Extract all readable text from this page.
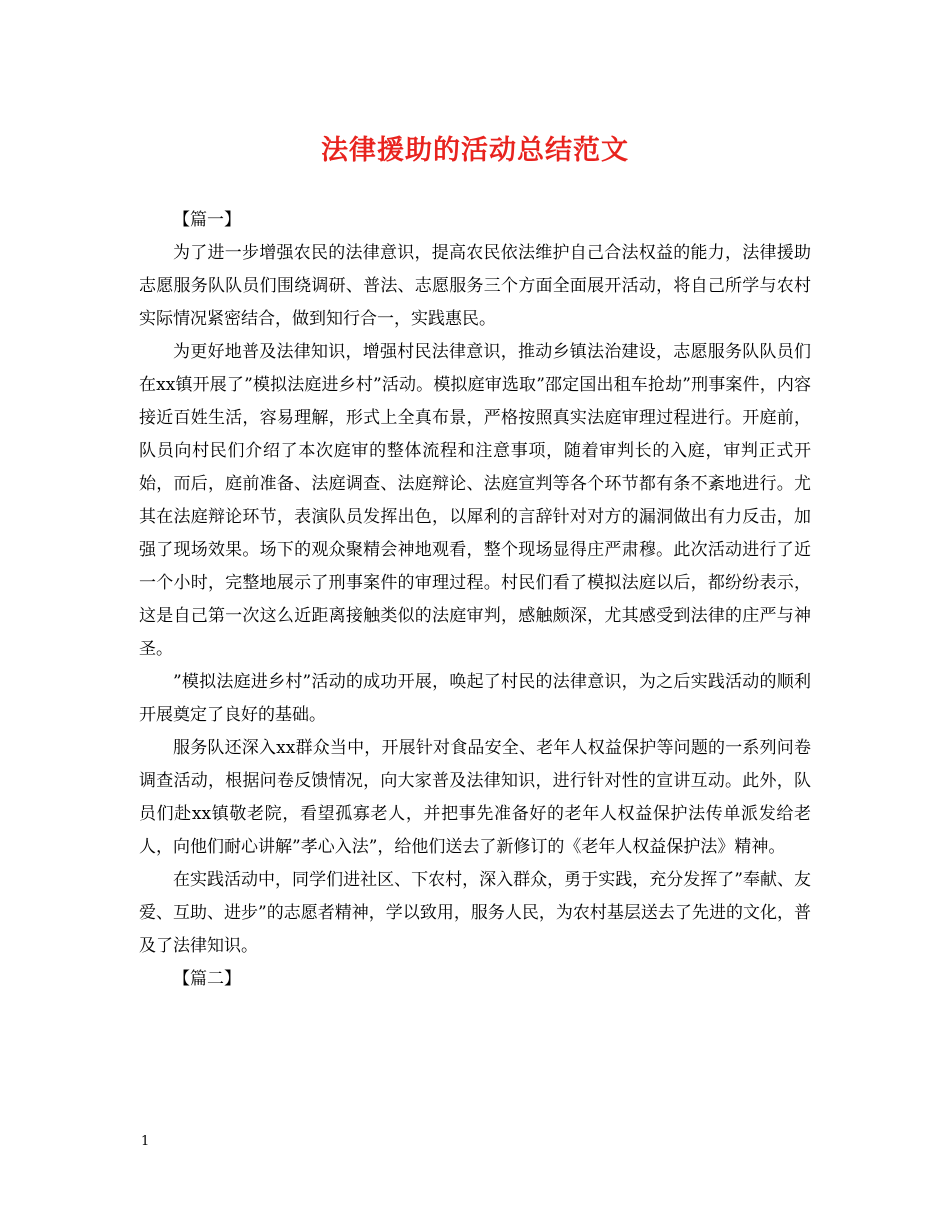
法律援助的活动总结范文

【篇一】

为了进一步增强农民的法律意识，提高农民依法维护自己合法权益的能力，法律援助志愿服务队队员们围绕调研、普法、志愿服务三个方面全面展开活动，将自己所学与农村实际情况紧密结合，做到知行合一，实践惠民。

为更好地普及法律知识，增强村民法律意识，推动乡镇法治建设，志愿服务队队员们在xx镇开展了”模拟法庭进乡村”活动。模拟庭审选取”邵定国出租车抢劫”刑事案件，内容接近百姓生活，容易理解，形式上全真布景，严格按照真实法庭审理过程进行。开庭前，队员向村民们介绍了本次庭审的整体流程和注意事项，随着审判长的入庭，审判正式开始，而后，庭前准备、法庭调查、法庭辩论、法庭宣判等各个环节都有条不紊地进行。尤其在法庭辩论环节，表演队员发挥出色，以犀利的言辞针对对方的漏洞做出有力反击，加强了现场效果。场下的观众聚精会神地观看，整个现场显得庄严肃穆。此次活动进行了近一个小时，完整地展示了刑事案件的审理过程。村民们看了模拟法庭以后，都纷纷表示，这是自己第一次这么近距离接触类似的法庭审判，感触颇深，尤其感受到法律的庄严与神圣。

”模拟法庭进乡村”活动的成功开展，唤起了村民的法律意识，为之后实践活动的顺利开展奠定了良好的基础。

服务队还深入xx群众当中，开展针对食品安全、老年人权益保护等问题的一系列问卷调查活动，根据问卷反馈情况，向大家普及法律知识，进行针对性的宣讲互动。此外，队员们赴xx镇敬老院，看望孤寡老人，并把事先准备好的老年人权益保护法传单派发给老人，向他们耐心讲解”孝心入法”，给他们送去了新修订的《老年人权益保护法》精神。

在实践活动中，同学们进社区、下农村，深入群众，勇于实践，充分发挥了”奉献、友爱、互助、进步”的志愿者精神，学以致用，服务人民，为农村基层送去了先进的文化，普及了法律知识。

【篇二】

1
